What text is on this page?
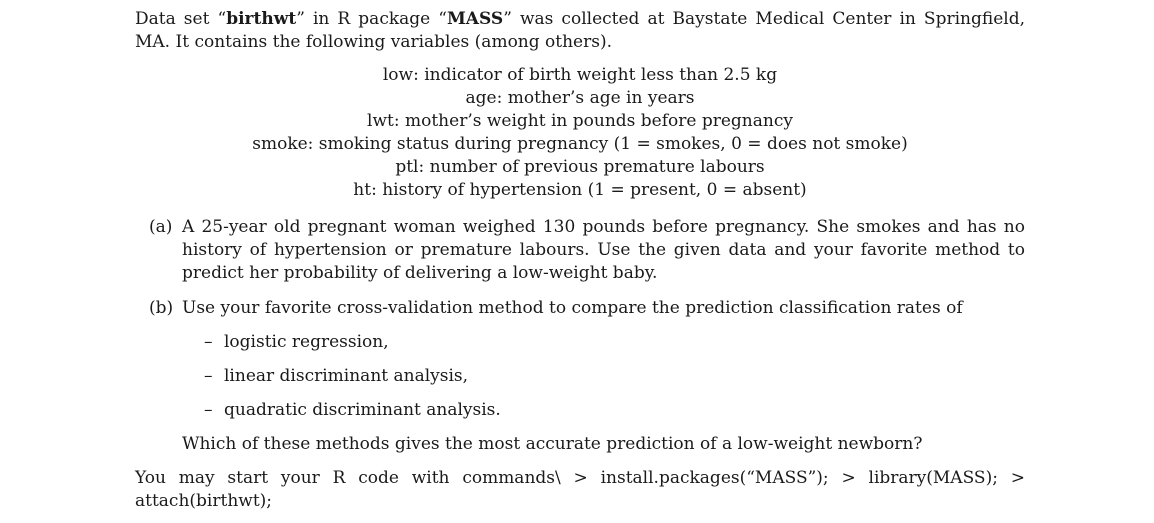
Data set “birthwt” in R package “MASS” was collected at Baystate Medical Center in Springfield, MA. It contains the following variables (among others).

low: indicator of birth weight less than 2.5 kg
age: mother’s age in years
lwt: mother’s weight in pounds before pregnancy
smoke: smoking status during pregnancy (1 = smokes, 0 = does not smoke)
ptl: number of previous premature labours
ht: history of hypertension (1 = present, 0 = absent)
(a) A 25-year old pregnant woman weighed 130 pounds before pregnancy. She smokes and has no history of hypertension or premature labours. Use the given data and your favorite method to predict her probability of delivering a low-weight baby.
(b) Use your favorite cross-validation method to compare the prediction classification rates of
– logistic regression,
– linear discriminant analysis,
– quadratic discriminant analysis.

Which of these methods gives the most accurate prediction of a low-weight newborn?

You may start your R code with commands\ > install.packages(“MASS”); > library(MASS); > attach(birthwt);
